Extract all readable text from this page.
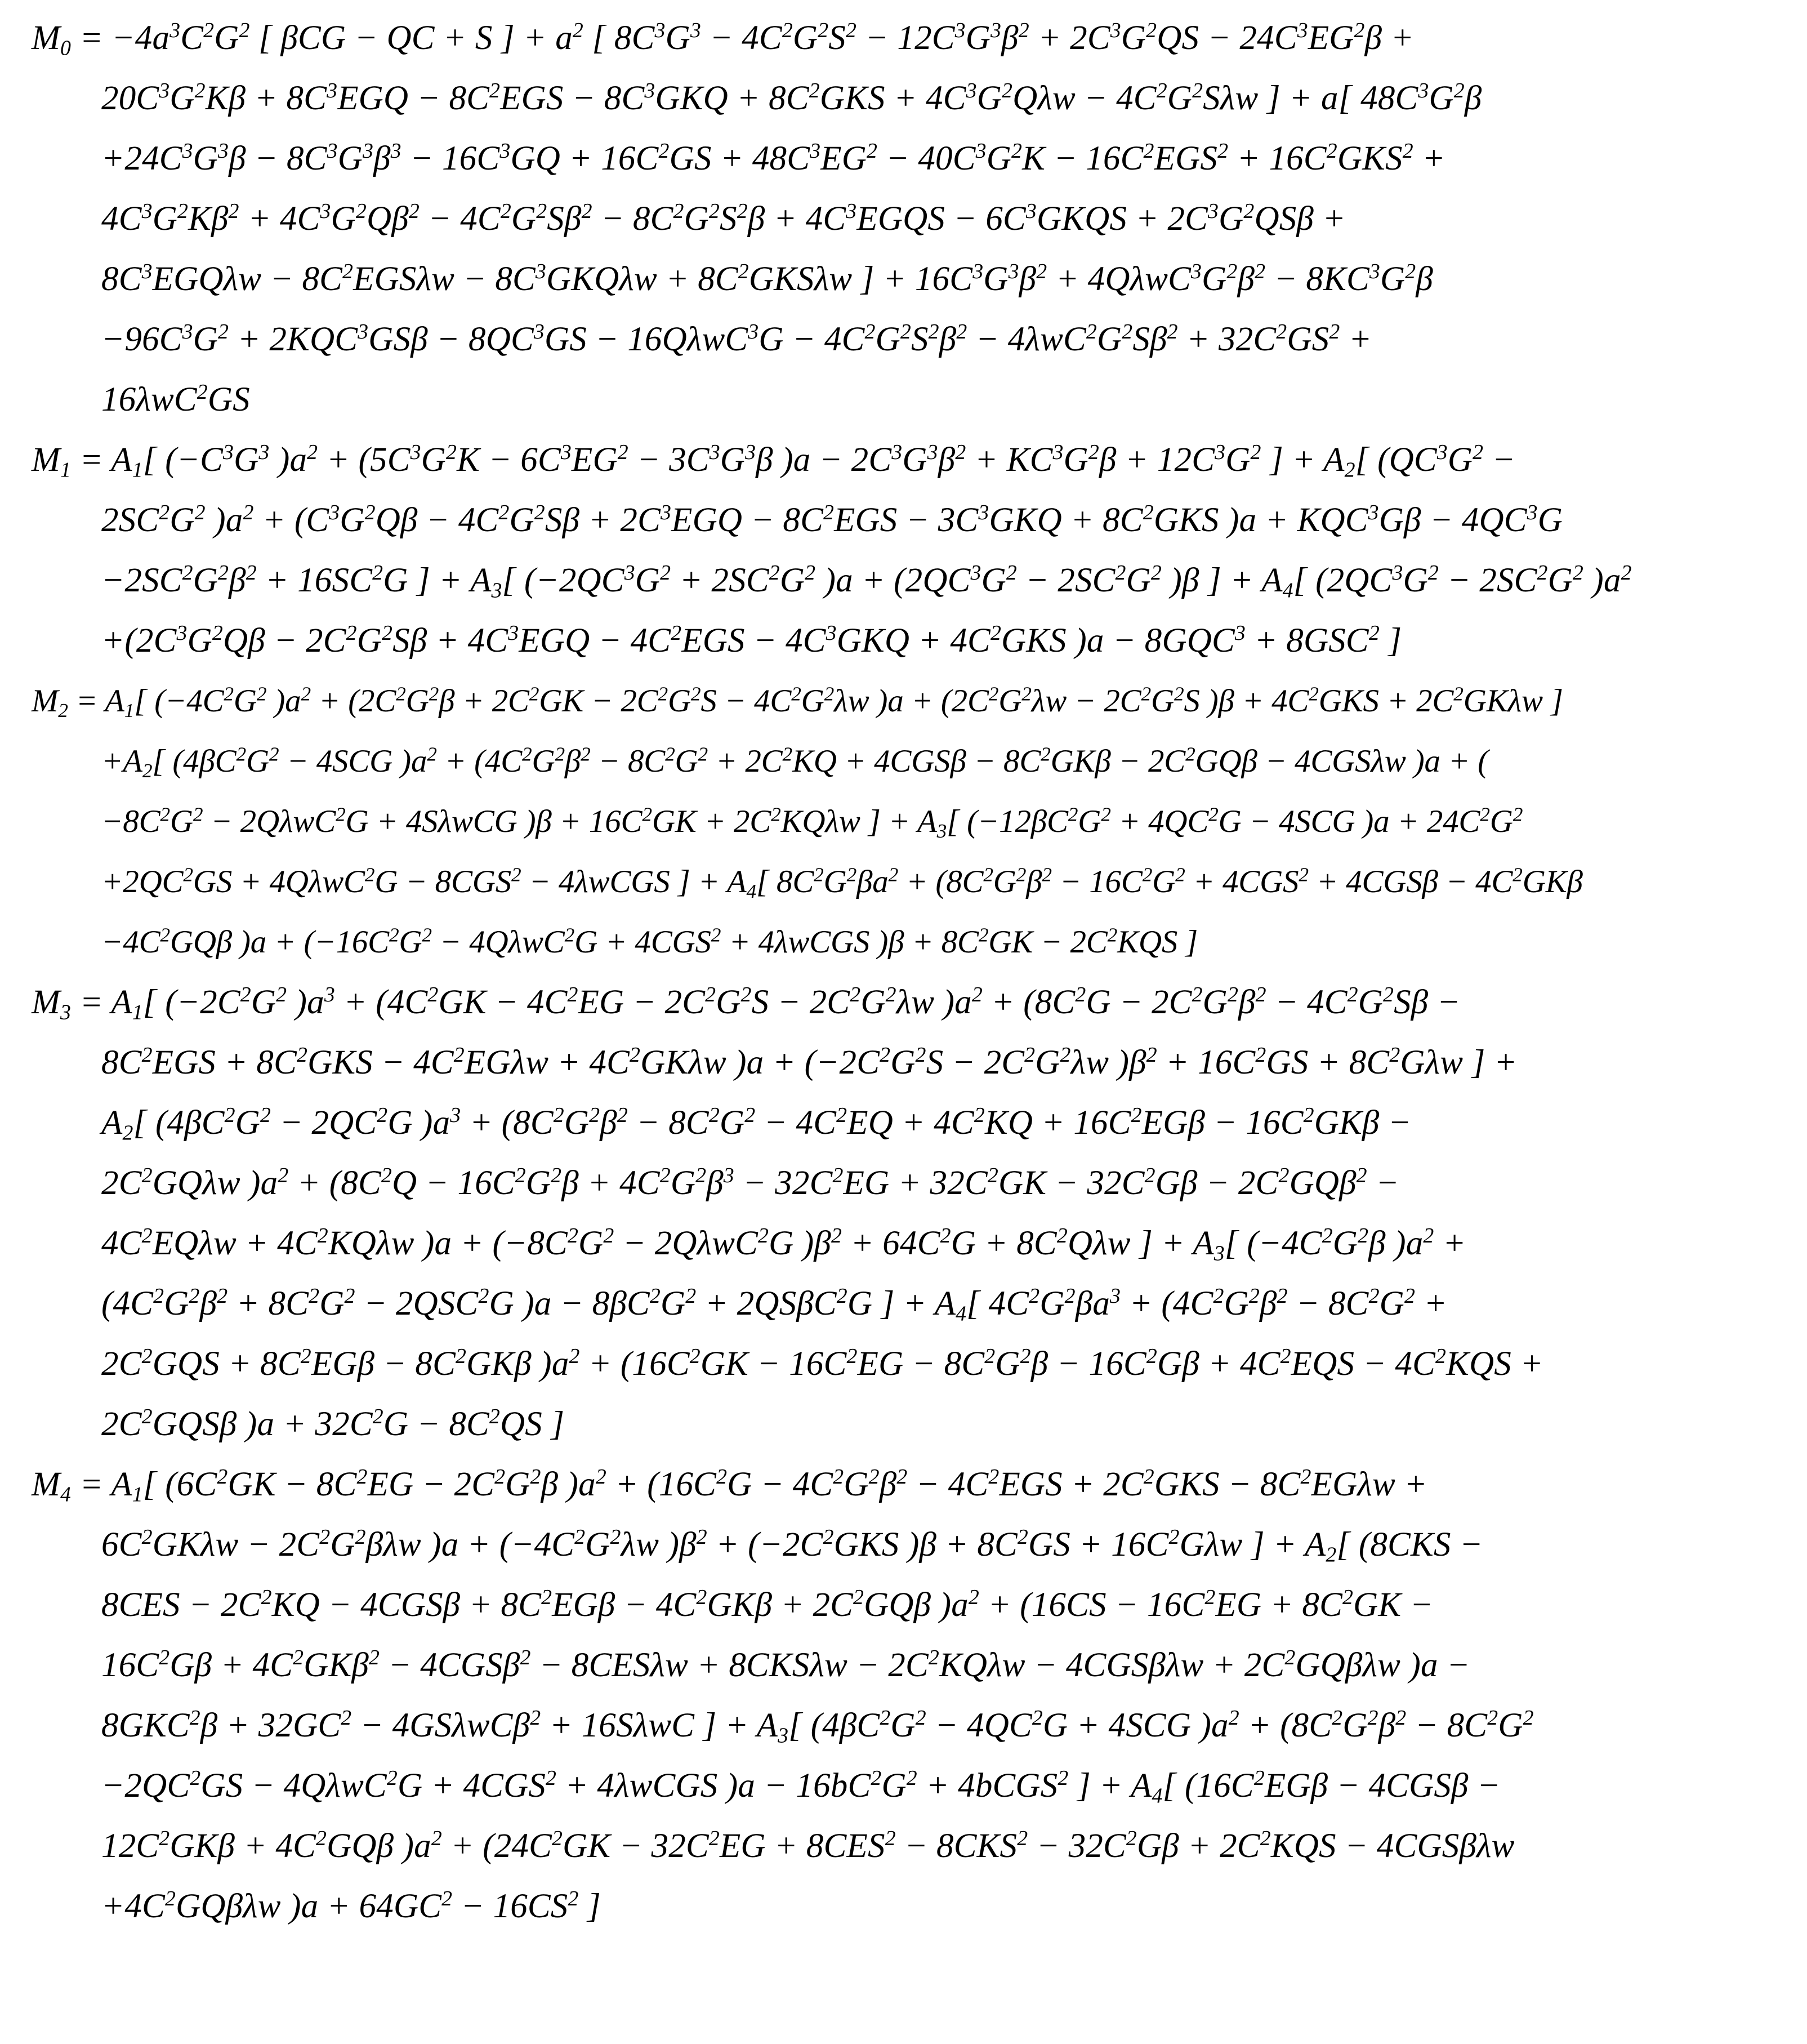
$M_0 = -4a^3C^2G^2$ [ βCG − QC + S ] + $a^2$ [ $8C^3G^3 - 4C^2G^2S^2 - 12C^3G^3\beta^2 + 2C^3G^2QS - 24C^3EG^2\beta$ +
$20C^3G^2K\beta + 8C^3EGQ - 8C^2EGS - 8C^3GKQ + 8C^2GKS + 4C^3G^2Q\lambda w - 4C^2G^2S\lambda w$ ] + a[ $48C^3G^2\beta$
$+24C^3G^3\beta - 8C^3G^3\beta^3 - 16C^3GQ + 16C^2GS + 48C^3EG^2 - 40C^3G^2K - 16C^2EGS^2 + 16C^2GKS^2$ +
$4C^3G^2K\beta^2 + 4C^3G^2Q\beta^2 - 4C^2G^2S\beta^2 - 8C^2G^2S^2\beta$ + $4C^3EGQS$ − $6C^3GKQS + 2C^3G^2QS\beta$ +
$8C^3EGQ\lambda w - 8C^2EGS\lambda w - 8C^3GKQ\lambda w + 8C^2GKS\lambda w$ ] + $16C^3G^3\beta^2 + 4Q\lambda wC^3G^2\beta^2 - 8KC^3G^2\beta$
$-96C^3G^2 + 2KQC^3GS\beta - 8QC^3GS - 16Q\lambda wC^3G - 4C^2G^2S^2\beta^2 - 4\lambda wC^2G^2S\beta^2 + 32C^2GS^2$ +
16λwC$^2$GS
$M_1 = A_1$[ ($-C^3G^3$ )$a^2 + (5C^3G^2K - 6C^3EG^2 - 3C^3G^3\beta$ )$a - 2C^3G^3\beta^2 + KC^3G^2\beta + 12C^3G^2$ ] + $A_2$[ ($QC^3G^2$ −
$2SC^2G^2$ )$a^2 + (C^3G^2Q\beta - 4C^2G^2S\beta + 2C^3EGQ - 8C^2EGS - 3C^3GKQ + 8C^2GKS$ )$a + KQC^3G\beta - 4QC^3G$
$-2SC^2G^2\beta^2 + 16SC^2G$ ] + $A_3$[ ($-2QC^3G^2 + 2SC^2G^2$ )$a + (2QC^3G^2 - 2SC^2G^2$ )β ] + $A_4$[ ($2QC^3G^2 - 2SC^2G^2$ )$a^2$
$+(2C^3G^2Q\beta - 2C^2G^2S\beta + 4C^3EGQ - 4C^2EGS - 4C^3GKQ + 4C^2GKS$ )$a - 8GQC^3 + 8GSC^2$ ]
$M_2 = A_1$[ ($-4C^2G^2$ )$a^2 + (2C^2G^2\beta + 2C^2GK - 2C^2G^2S - 4C^2G^2\lambda w$ )$a + (2C^2G^2\lambda w - 2C^2G^2S$ )$\beta + 4C^2GKS + 2C^2GK\lambda w$ ]
$+A_2$[ ($4\beta C^2G^2 - 4SCG$ )$a^2 + (4C^2G^2\beta^2 - 8C^2G^2 + 2C^2KQ + 4CGS\beta - 8C^2GK\beta - 2C^2GQ\beta - 4CGS\lambda w$ )a + (
$-8C^2G^2 - 2Q\lambda wC^2G + 4S\lambda wCG$ )$\beta + 16C^2GK + 2C^2KQ\lambda w$ ] + $A_3$[ ($-12\beta C^2G^2 + 4QC^2G - 4SCG$ )$a + 24C^2G^2$
$+2QC^2GS + 4Q\lambda wC^2G - 8CGS^2$ − 4λwCGS ] + $A_4$[ $8C^2G^2\beta a^2 + (8C^2G^2\beta^2 - 16C^2G^2 + 4CGS^2 + 4CGS\beta - 4C^2GK\beta$
$-4C^2GQ\beta$ )$a + (-16C^2G^2 - 4Q\lambda wC^2G + 4CGS^2$ + 4λwCGS )$\beta + 8C^2GK - 2C^2KQS$ ]
$M_3 = A_1$[ ($-2C^2G^2$ )$a^3 + (4C^2GK - 4C^2EG - 2C^2G^2S - 2C^2G^2\lambda w$ )$a^2 + (8C^2G - 2C^2G^2\beta^2 - 4C^2G^2S\beta$ −
$8C^2EGS + 8C^2GKS - 4C^2EG\lambda w + 4C^2GK\lambda w$ )$a + (-2C^2G^2S - 2C^2G^2\lambda w$ )$\beta^2 + 16C^2GS + 8C^2G\lambda w$ ] +
$A_2$[ ($4\beta C^2G^2 - 2QC^2G$ )$a^3 + (8C^2G^2\beta^2 - 8C^2G^2 - 4C^2EQ + 4C^2KQ + 16C^2EG\beta - 16C^2GK\beta$ −
$2C^2GQ\lambda w$ )$a^2 + (8C^2Q - 16C^2G^2\beta + 4C^2G^2\beta^3 - 32C^2EG + 32C^2GK - 32C^2G\beta - 2C^2GQ\beta^2$ −
$4C^2EQ\lambda w + 4C^2KQ\lambda w$ )$a + (-8C^2G^2 - 2Q\lambda wC^2G$ )$\beta^2 + 64C^2G + 8C^2Q\lambda w$ ] + $A_3$[ ($-4C^2G^2\beta$ )$a^2$ +
($4C^2G^2\beta^2 + 8C^2G^2 - 2QSC^2G$ )$a - 8\beta C^2G^2 + 2QS\beta C^2G$ ] + $A_4$[ $4C^2G^2\beta a^3 + (4C^2G^2\beta^2 - 8C^2G^2$ +
$2C^2GQS + 8C^2EG\beta - 8C^2GK\beta$ )$a^2 + (16C^2GK - 16C^2EG - 8C^2G^2\beta - 16C^2G\beta + 4C^2EQS - 4C^2KQS$ +
$2C^2GQS\beta$ )$a + 32C^2G - 8C^2QS$ ]
$M_4 = A_1$[ ($6C^2GK - 8C^2EG - 2C^2G^2\beta$ )$a^2 + (16C^2G - 4C^2G^2\beta^2 - 4C^2EGS + 2C^2GKS - 8C^2EG\lambda w$ +
$6C^2GK\lambda w - 2C^2G^2\beta\lambda w$ )$a + (-4C^2G^2\lambda w$ )$\beta^2 + (-2C^2GKS$ )$\beta + 8C^2GS + 16C^2G\lambda w$ ] + $A_2$[ (8CKS −
$8CES - 2C^2KQ - 4CGS\beta + 8C^2EG\beta - 4C^2GK\beta + 2C^2GQ\beta$ )$a^2 + (16CS - 16C^2EG + 8C^2GK$ −
$16C^2G\beta + 4C^2GK\beta^2 - 4CGS\beta^2 - 8CES\lambda w + 8CKS\lambda w - 2C^2KQ\lambda w - 4CGS\beta\lambda w + 2C^2GQ\beta\lambda w$ )a −
$8GKC^2\beta + 32GC^2 - 4GS\lambda wC\beta^2 + 16S\lambda wC$ ] + $A_3$[ ($4\beta C^2G^2 - 4QC^2G + 4SCG$ )$a^2 + (8C^2G^2\beta^2 - 8C^2G^2$
$-2QC^2GS - 4Q\lambda wC^2G + 4CGS^2$ + 4λwCGS )$a - 16bC^2G^2$ + 4bCGS$^2$ ] + $A_4$[ ($16C^2EG\beta - 4CGS\beta$ −
$12C^2GK\beta + 4C^2GQ\beta$ )$a^2 + (24C^2GK - 32C^2EG + 8CES^2 - 8CKS^2 - 32C^2G\beta + 2C^2KQS - 4CGS\beta\lambda w$
$+4C^2GQ\beta\lambda w$ )$a + 64GC^2 - 16CS^2$ ]
